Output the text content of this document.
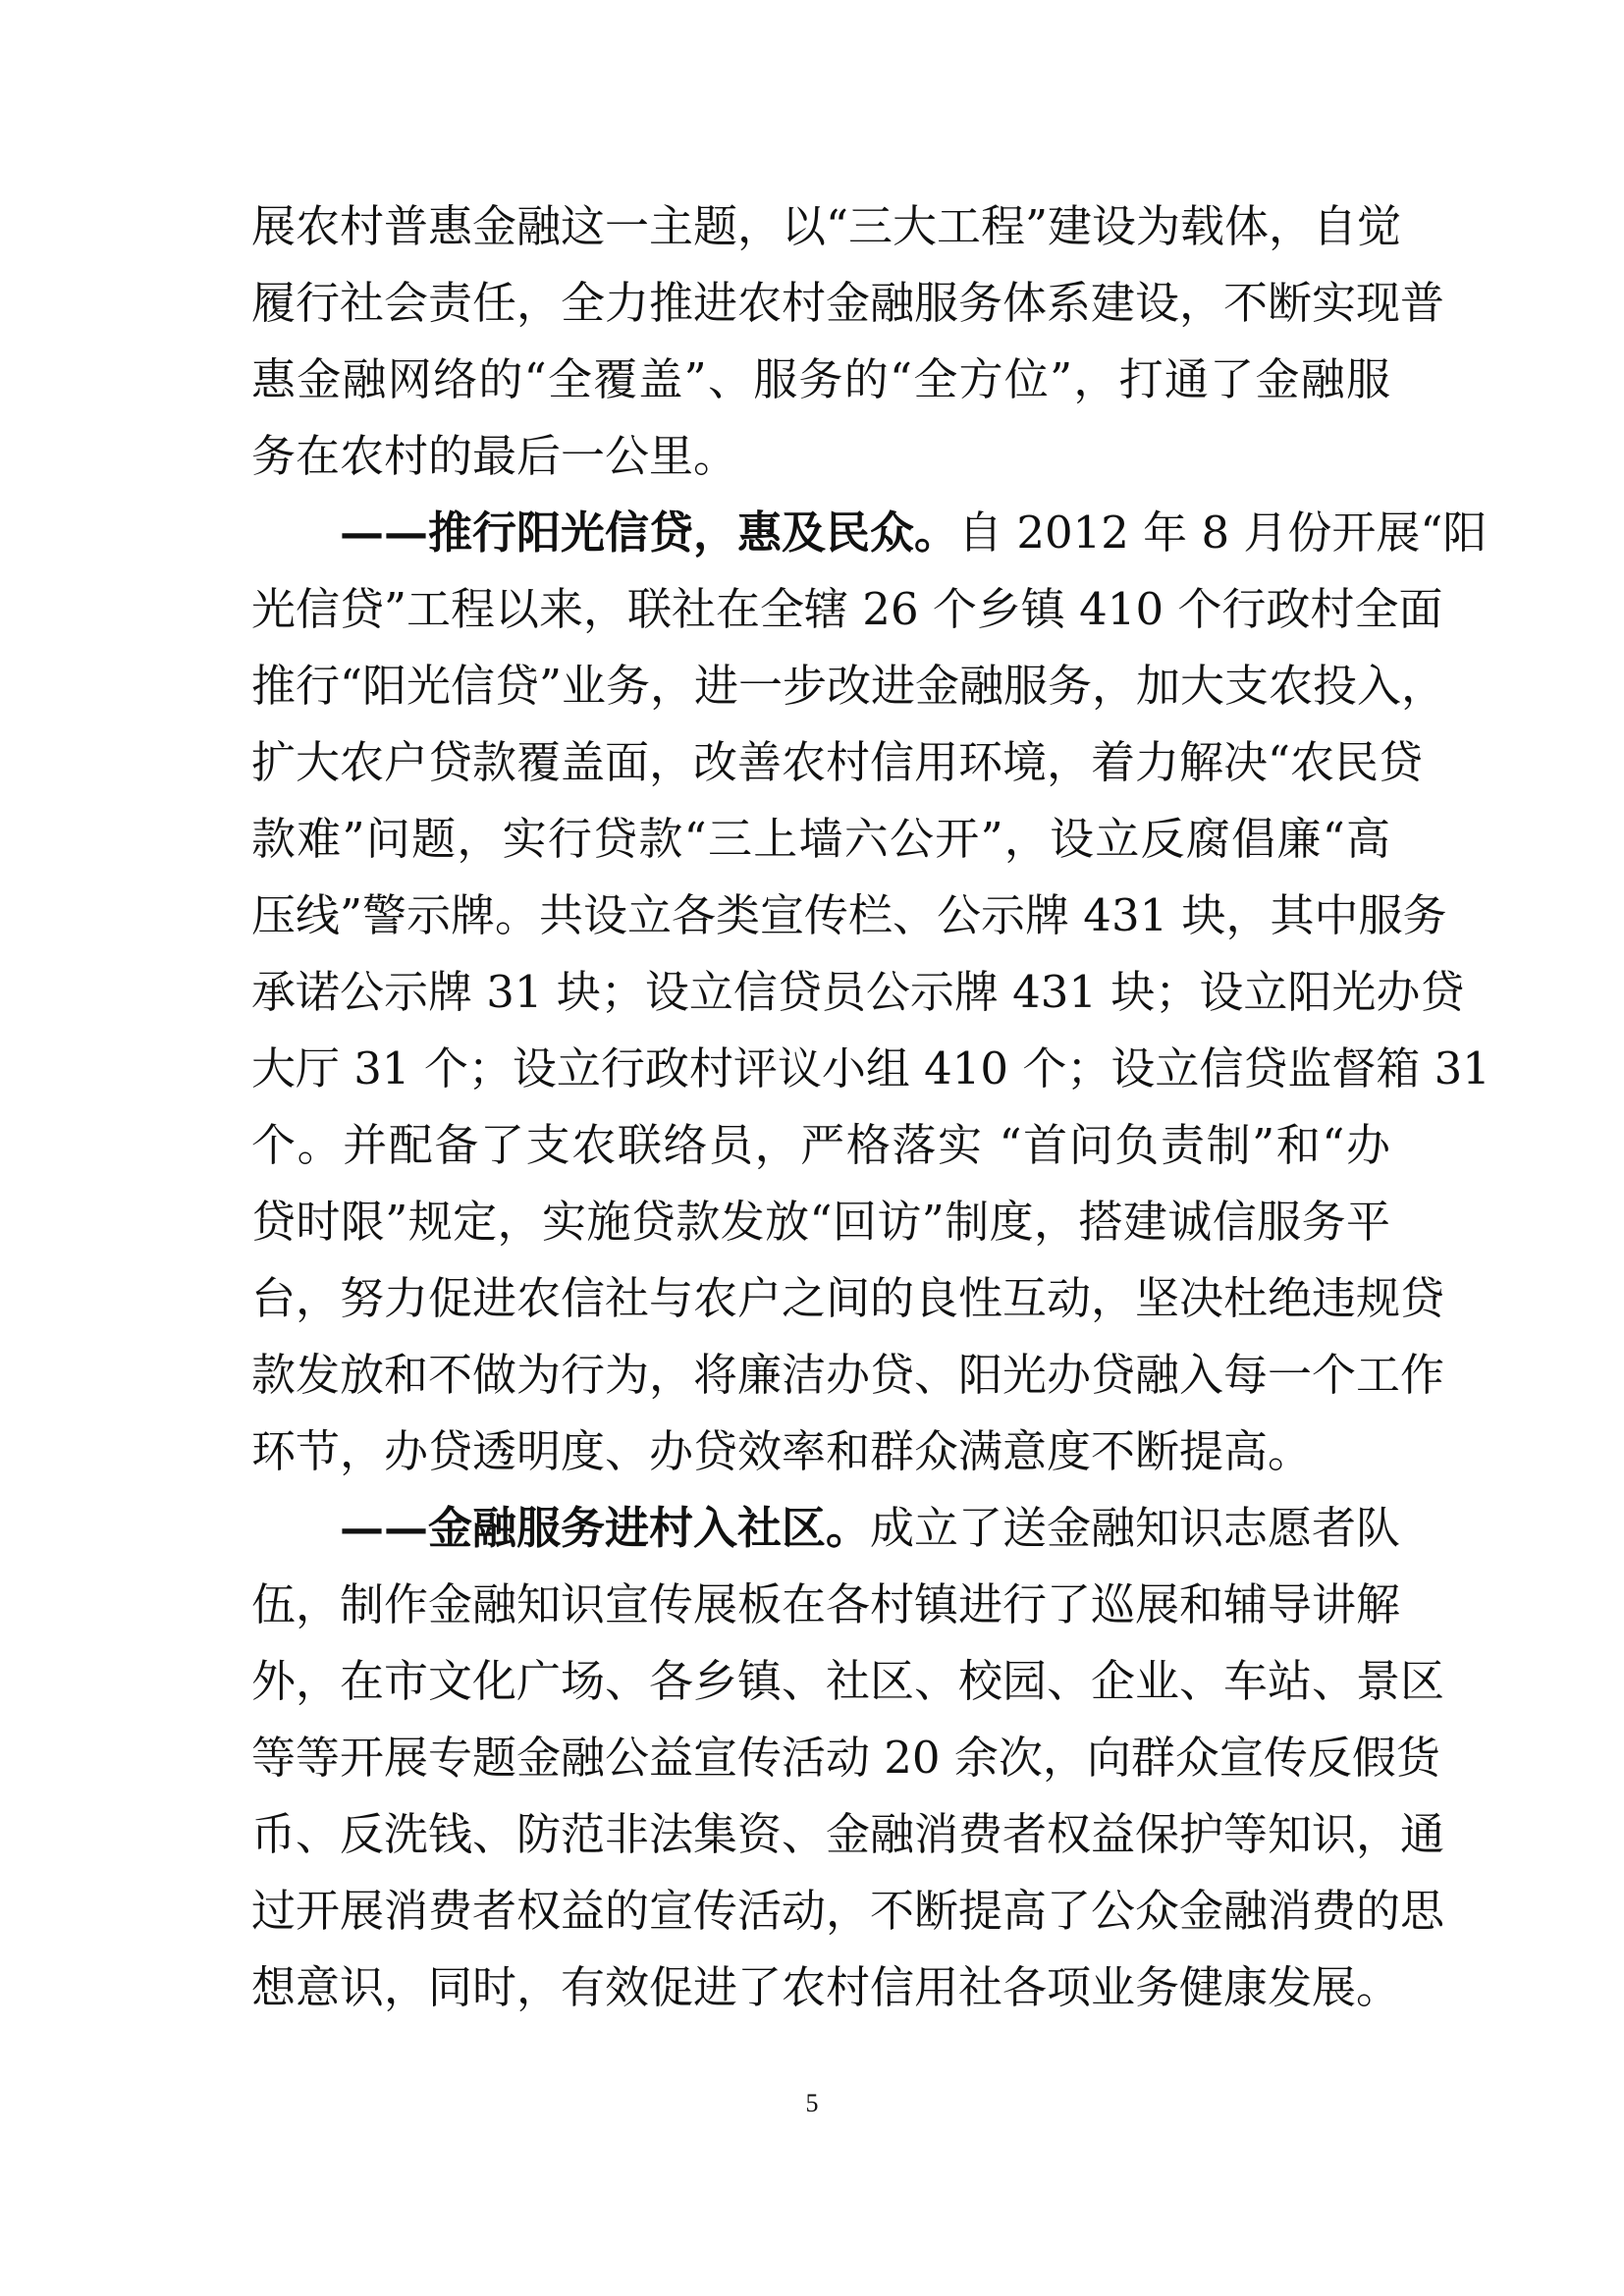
展农村普惠金融这一主题，以“三大工程”建设为载体，自觉
履行社会责任，全力推进农村金融服务体系建设，不断实现普
惠金融网络的“全覆盖”、服务的“全方位”，打通了金融服
务在农村的最后一公里。
——推行阳光信贷，惠及民众。自 2012 年 8 月份开展“阳
光信贷”工程以来，联社在全辖 26 个乡镇 410 个行政村全面
推行“阳光信贷”业务，进一步改进金融服务，加大支农投入，
扩大农户贷款覆盖面，改善农村信用环境，着力解决“农民贷
款难”问题，实行贷款“三上墙六公开”，设立反腐倡廉“高
压线”警示牌。共设立各类宣传栏、公示牌 431 块，其中服务
承诺公示牌 31 块；设立信贷员公示牌 431 块；设立阳光办贷
大厅 31 个；设立行政村评议小组 410 个；设立信贷监督箱 31
个。并配备了支农联络员，严格落实 “首问负责制”和“办
贷时限”规定，实施贷款发放“回访”制度，搭建诚信服务平
台，努力促进农信社与农户之间的良性互动，坚决杜绝违规贷
款发放和不做为行为，将廉洁办贷、阳光办贷融入每一个工作
环节，办贷透明度、办贷效率和群众满意度不断提高。
——金融服务进村入社区。成立了送金融知识志愿者队
伍，制作金融知识宣传展板在各村镇进行了巡展和辅导讲解
外，在市文化广场、各乡镇、社区、校园、企业、车站、景区
等等开展专题金融公益宣传活动 20 余次，向群众宣传反假货
币、反洗钱、防范非法集资、金融消费者权益保护等知识，通
过开展消费者权益的宣传活动，不断提高了公众金融消费的思
想意识，同时，有效促进了农村信用社各项业务健康发展。
5
